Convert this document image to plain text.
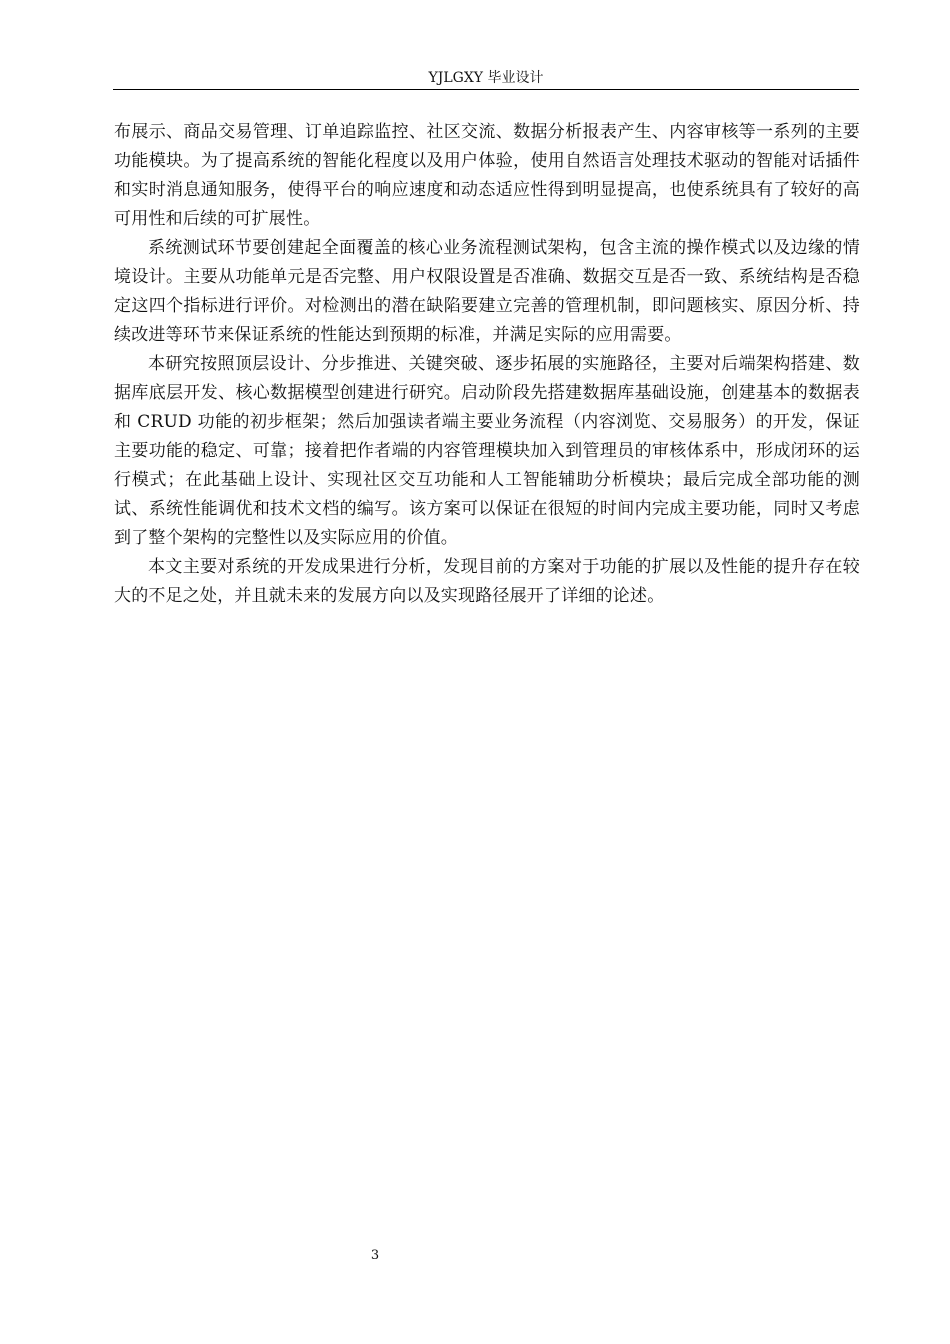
YJLGXY 毕业设计

布展示、商品交易管理、订单追踪监控、社区交流、数据分析报表产生、内容审核等一系列的主要功能模块。为了提高系统的智能化程度以及用户体验，使用自然语言处理技术驱动的智能对话插件和实时消息通知服务，使得平台的响应速度和动态适应性得到明显提高，也使系统具有了较好的高可用性和后续的可扩展性。

系统测试环节要创建起全面覆盖的核心业务流程测试架构，包含主流的操作模式以及边缘的情境设计。主要从功能单元是否完整、用户权限设置是否准确、数据交互是否一致、系统结构是否稳定这四个指标进行评价。对检测出的潜在缺陷要建立完善的管理机制，即问题核实、原因分析、持续改进等环节来保证系统的性能达到预期的标准，并满足实际的应用需要。

本研究按照顶层设计、分步推进、关键突破、逐步拓展的实施路径，主要对后端架构搭建、数据库底层开发、核心数据模型创建进行研究。启动阶段先搭建数据库基础设施，创建基本的数据表和 CRUD 功能的初步框架；然后加强读者端主要业务流程（内容浏览、交易服务）的开发，保证主要功能的稳定、可靠；接着把作者端的内容管理模块加入到管理员的审核体系中，形成闭环的运行模式；在此基础上设计、实现社区交互功能和人工智能辅助分析模块；最后完成全部功能的测试、系统性能调优和技术文档的编写。该方案可以保证在很短的时间内完成主要功能，同时又考虑到了整个架构的完整性以及实际应用的价值。

本文主要对系统的开发成果进行分析，发现目前的方案对于功能的扩展以及性能的提升存在较大的不足之处，并且就未来的发展方向以及实现路径展开了详细的论述。

3
